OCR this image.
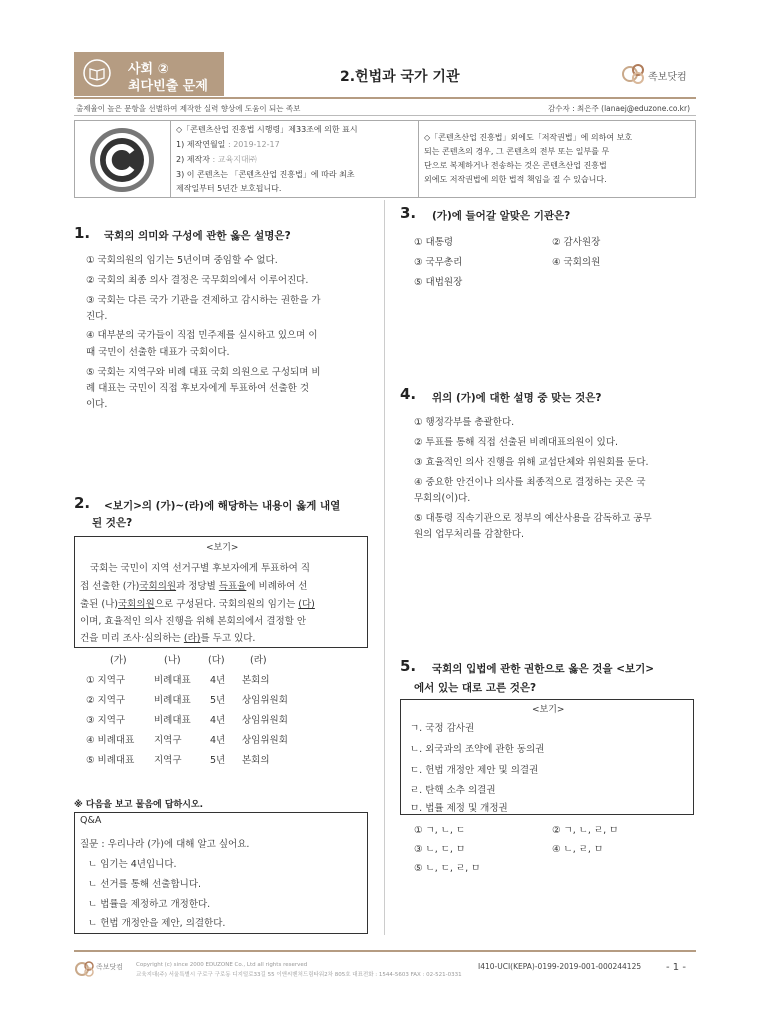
사회 ②
최다빈출 문제
2.헌법과 국가 기관	족보닷컴
출제율이 높은 문항을 선별하여 제작한 실력 향상에 도움이 되는 족보	감수자 : 최은주 (lanaej@eduzone.co.kr)
◇「콘텐츠산업 진흥법 시행령」제33조에 의한 표시
1) 제작연월일 : 2019-12-17
2) 제작자 : 교육지대㈜
3) 이 콘텐츠는 「콘텐츠산업 진흥법」에 따라 최초
제작일부터 5년간 보호됩니다.
◇「콘텐츠산업 진흥법」외에도「저작권법」에 의하여 보호
되는 콘텐츠의 경우, 그 콘텐츠의 전부 또는 일부를 무
단으로 복제하거나 전송하는 것은 콘텐츠산업 진흥법
외에도 저작권법에 의한 법적 책임을 질 수 있습니다.
1. 국회의 의미와 구성에 관한 옳은 설명은?
① 국회의원의 임기는 5년이며 중임할 수 없다.
② 국회의 최종 의사 결정은 국무회의에서 이루어진다.
③ 국회는 다른 국가 기관을 견제하고 감시하는 권한을 가
진다.
④ 대부분의 국가들이 직접 민주제를 실시하고 있으며 이
때 국민이 선출한 대표가 국회이다.
⑤ 국회는 지역구와 비례 대표 국회 의원으로 구성되며 비
례 대표는 국민이 직접 후보자에게 투표하여 선출한 것
이다.
2. <보기>의 (가)~(라)에 해당하는 내용이 옳게 내열
된 것은?
<보기>
국회는 국민이 지역 선거구별 후보자에게 투표하여 직
접 선출한 (가)국회의원과 정당별 득표율에 비례하여 선
출된 (나)국회의원으로 구성된다. 국회의원의 임기는 (다)
이며, 효율적인 의사 진행을 위해 본회의에서 결정할 안
건을 미리 조사·심의하는 (라)를 두고 있다.
(가)	(나)	(다)	(라)
① 지역구	비례대표 4년 본회의
② 지역구	비례대표 5년 상임위원회
③ 지역구	비례대표 4년 상임위원회
④ 비례대표 지역구	4년 상임위원회
⑤ 비례대표 지역구	5년 본회의
※ 다음을 보고 물음에 답하시오.
Q&A
질문 : 우리나라 (가)에 대해 알고 싶어요.
ㄴ 임기는 4년입니다.
ㄴ 선거를 통해 선출합니다.
ㄴ 법률을 제정하고 개정한다.
ㄴ 헌법 개정안을 제안, 의결한다.
3. (가)에 들어갈 알맞은 기관은?
① 대통령	② 감사원장
③ 국무총리	④ 국회의원
⑤ 대법원장
4. 위의 (가)에 대한 설명 중 맞는 것은?
① 행정각부를 총괄한다.
② 투표를 통해 직접 선출된 비례대표의원이 있다.
③ 효율적인 의사 진행을 위해 교섭단체와 위원회를 둔다.
④ 중요한 안건이나 의사를 최종적으로 결정하는 곳은 국
무회의(이)다.
⑤ 대통령 직속기관으로 정부의 예산사용을 감독하고 공무
원의 업무처리를 감찰한다.
5. 국회의 입법에 관한 권한으로 옳은 것을 <보기>
에서 있는 대로 고른 것은?
<보기>
ㄱ. 국정 감사권
ㄴ. 외국과의 조약에 관한 동의권
ㄷ. 헌법 개정안 제안 및 의결권
ㄹ. 탄핵 소추 의결권
ㅁ. 법률 제정 및 개정권
① ㄱ, ㄴ, ㄷ	② ㄱ, ㄴ, ㄹ, ㅁ
③ ㄴ, ㄷ, ㅁ	④ ㄴ, ㄹ, ㅁ
⑤ ㄴ, ㄷ, ㄹ, ㅁ
족보닷컴 Copyright (c) since 2000 EDUZONE Co., Ltd all rights reserved
교육지대(주) 서울특별시 구로구 구로동 디지털로33길 55 이앤씨벤처드림타워2차 805호 대표전화 : 1544-5603 FAX : 02-521-0331
I410-UCI(KEPA)-0199-2019-001-000244125 - 1 -
